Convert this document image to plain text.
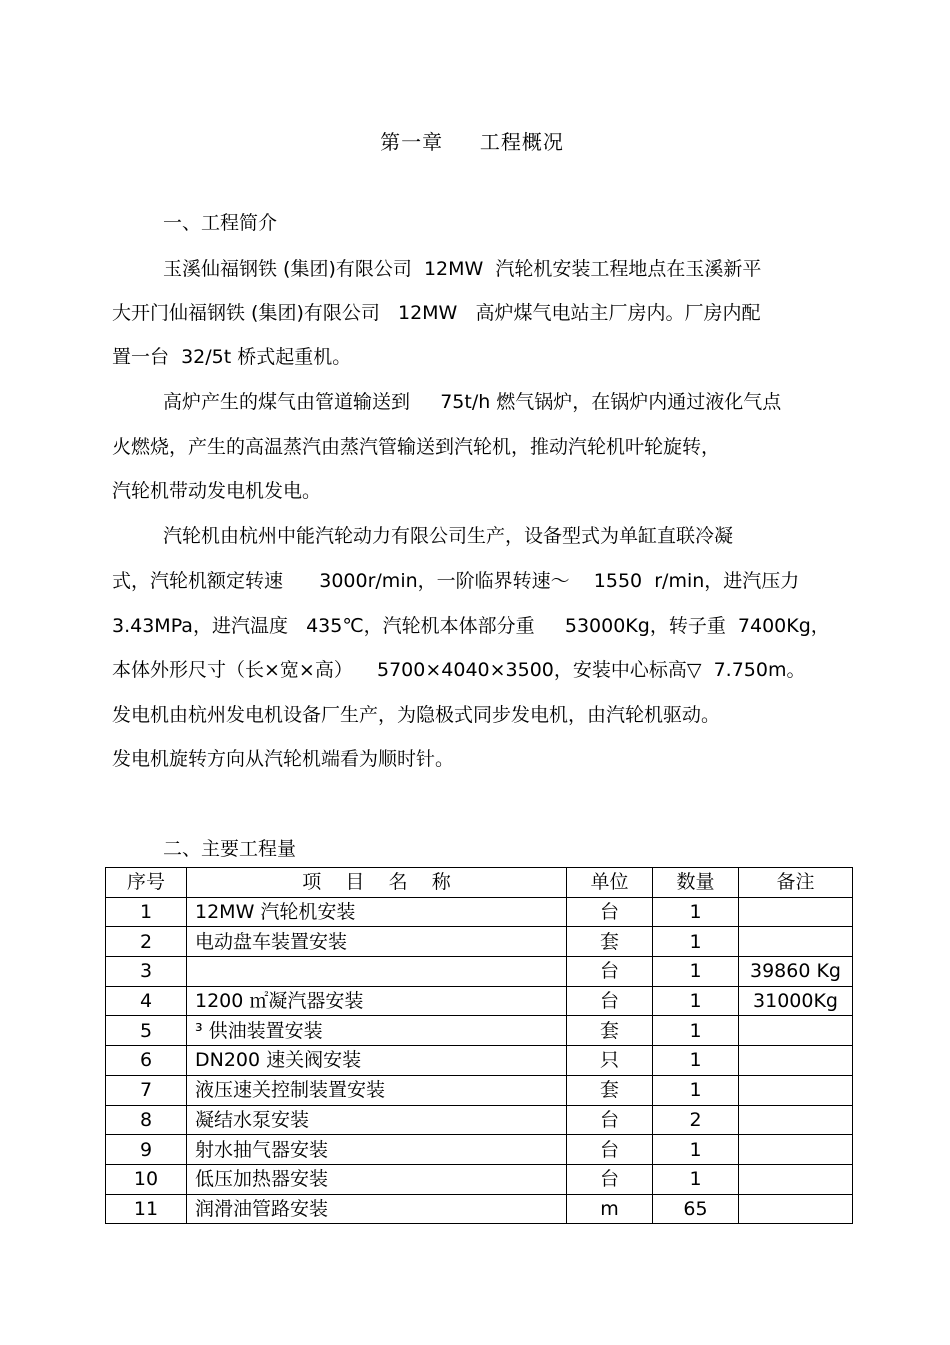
第一章     工程概况
一、工程简介
玉溪仙福钢铁 (集团)有限公司  12MW  汽轮机安装工程地点在玉溪新平
大开门仙福钢铁 (集团)有限公司   12MW   高炉煤气电站主厂房内。厂房内配
置一台  32/5t 桥式起重机。
高炉产生的煤气由管道输送到     75t/h 燃气锅炉，在锅炉内通过液化气点
火燃烧，产生的高温蒸汽由蒸汽管输送到汽轮机，推动汽轮机叶轮旋转，
汽轮机带动发电机发电。
汽轮机由杭州中能汽轮动力有限公司生产，设备型式为单缸直联冷凝
式，汽轮机额定转速      3000r/min，一阶临界转速～    1550  r/min，进汽压力
3.43MPa，进汽温度   435℃，汽轮机本体部分重     53000Kg，转子重  7400Kg，
本体外形尺寸（长×宽×高）    5700×4040×3500，安装中心标高▽  7.750m。
发电机由杭州发电机设备厂生产，为隐极式同步发电机，由汽轮机驱动。
发电机旋转方向从汽轮机端看为顺时针。
二、主要工程量
序号	项    目    名    称	单位	数量	备注
1	12MW 汽轮机安装	台	1	
2	电动盘车装置安装	套	1	
3		台	1	39860 Kg
4	1200 ㎡凝汽器安装	台	1	31000Kg
5	³ 供油装置安装	套	1	
6	DN200 速关阀安装	只	1	
7	液压速关控制装置安装	套	1	
8	凝结水泵安装	台	2	
9	射水抽气器安装	台	1	
10	低压加热器安装	台	1	
11	润滑油管路安装	m	65	
